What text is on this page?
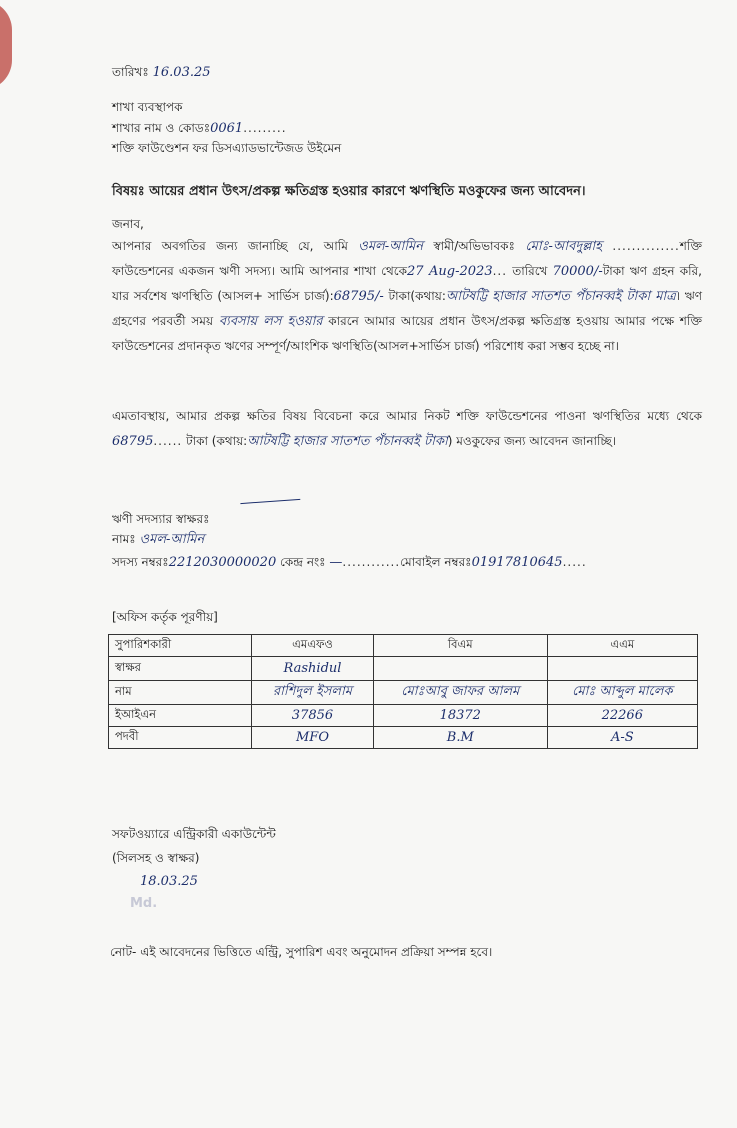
তারিখঃ 16.03.25
শাখা ব্যবস্থাপক
শাখার নাম ও কোডঃ0061.........
শক্তি ফাউণ্ডেশন ফর ডিসএ্যাডভান্টেজড উইমেন
বিষয়ঃ আয়ের প্রধান উৎস/প্রকল্প ক্ষতিগ্রস্ত হওয়ার কারণে ঋণস্থিতি মওকুফের জন্য আবেদন।
জনাব,
আপনার অবগতির জন্য জানাচ্ছি যে, আমি ওমল-আমিন স্বামী/অভিভাবকঃ মোঃ-আবদুল্লাহ ..............শক্তি ফাউন্ডেশনের একজন ঋণী সদস্য। আমি আপনার শাখা থেকে27 Aug-2023... তারিখে 70000/-টাকা ঋণ গ্রহন করি, যার সর্বশেষ ঋণস্থিতি (আসল+ সার্ভিস চার্জ):68795/- টাকা(কথায়:আটষট্টি হাজার সাতশত পঁচানব্বই টাকা মাত্র। ঋণ গ্রহণের পরবর্তী সময় ব্যবসায় লস হওয়ার কারনে আমার আয়ের প্রধান উৎস/প্রকল্প ক্ষতিগ্রস্ত হওয়ায় আমার পক্ষে শক্তি ফাউন্ডেশনের প্রদানকৃত ঋণের সম্পূর্ণ/আংশিক ঋণস্থিতি(আসল+সার্ভিস চার্জ) পরিশোধ করা সম্ভব হচ্ছে না।
এমতাবস্থায়, আমার প্রকল্প ক্ষতির বিষয় বিবেচনা করে আমার নিকট শক্তি ফাউন্ডেশনের পাওনা ঋণস্থিতির মধ্যে থেকে 68795...... টাকা (কথায়:আটষট্টি হাজার সাতশত পঁচানব্বই টাকা) মওকুফের জন্য আবেদন জানাচ্ছি।
ঋণী সদস্যার স্বাক্ষরঃ
নামঃ ওমল-আমিন
সদস্য নম্বরঃ2212030000020 কেন্দ্র নংঃ —............মোবাইল নম্বরঃ01917810645.....
[অফিস কর্তৃক পূরণীয়]
সুপারিশকারী	এমএফও	বিএম	এএম
স্বাক্ষর	Rashidul		
নাম	রাশিদুল ইসলাম	মোঃআবু জাফর আলম	মোঃ আব্দুল মালেক
ইআইএন	37856	18372	22266
পদবী	MFO	B.M	A-S
সফটওয়্যারে এন্ট্রিকারী একাউন্টেন্ট
(সিলসহ ও স্বাক্ষর)
18.03.25
Md.
নোট- এই আবেদনের ভিত্তিতে এন্ট্রি, সুপারিশ এবং অনুমোদন প্রক্রিয়া সম্পন্ন হবে।
